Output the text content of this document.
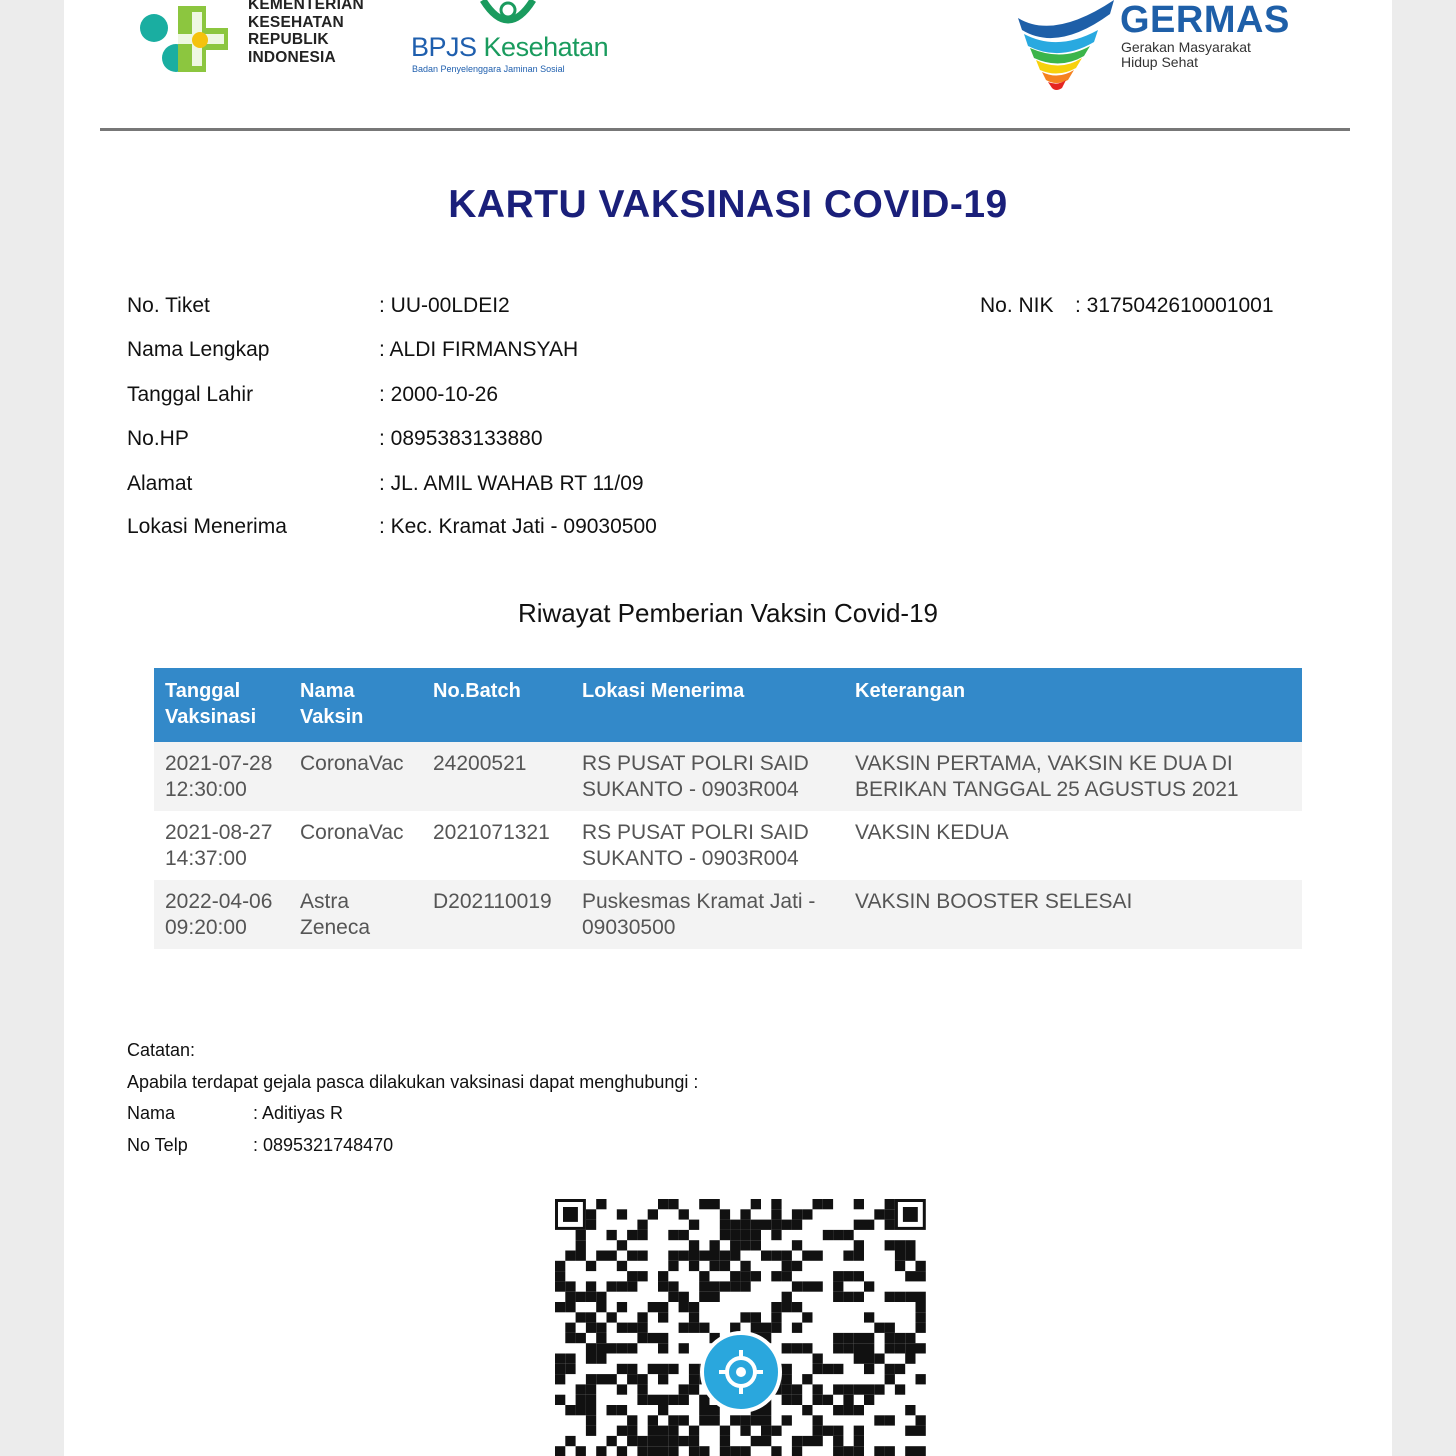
KEMENTERIAN
KESEHATAN
REPUBLIK
INDONESIA	BPJS Kesehatan
Badan Penyelenggara Jaminan Sosial
GERMAS
Gerakan Masyarakat
Hidup Sehat
KARTU VAKSINASI COVID-19
No. Tiket	: UU-00LDEI2
Nama Lengkap	: ALDI FIRMANSYAH
Tanggal Lahir	: 2000-10-26
No.HP	: 0895383133880
Alamat	: JL. AMIL WAHAB RT 11/09
Lokasi Menerima	: Kec. Kramat Jati - 09030500
No. NIK : 3175042610001001
Riwayat Pemberian Vaksin Covid-19
Tanggal Vaksinasi	Nama Vaksin	No.Batch	Lokasi Menerima	Keterangan
2021-07-28 12:30:00	CoronaVac	24200521	RS PUSAT POLRI SAID SUKANTO - 0903R004	VAKSIN PERTAMA, VAKSIN KE DUA DI BERIKAN TANGGAL 25 AGUSTUS 2021
2021-08-27 14:37:00	CoronaVac	2021071321	RS PUSAT POLRI SAID SUKANTO - 0903R004	VAKSIN KEDUA
2022-04-06 09:20:00	Astra Zeneca	D202110019	Puskesmas Kramat Jati - 09030500	VAKSIN BOOSTER SELESAI
Catatan:
Apabila terdapat gejala pasca dilakukan vaksinasi dapat menghubungi :
Nama	: Aditiyas R
No Telp	: 0895321748470
